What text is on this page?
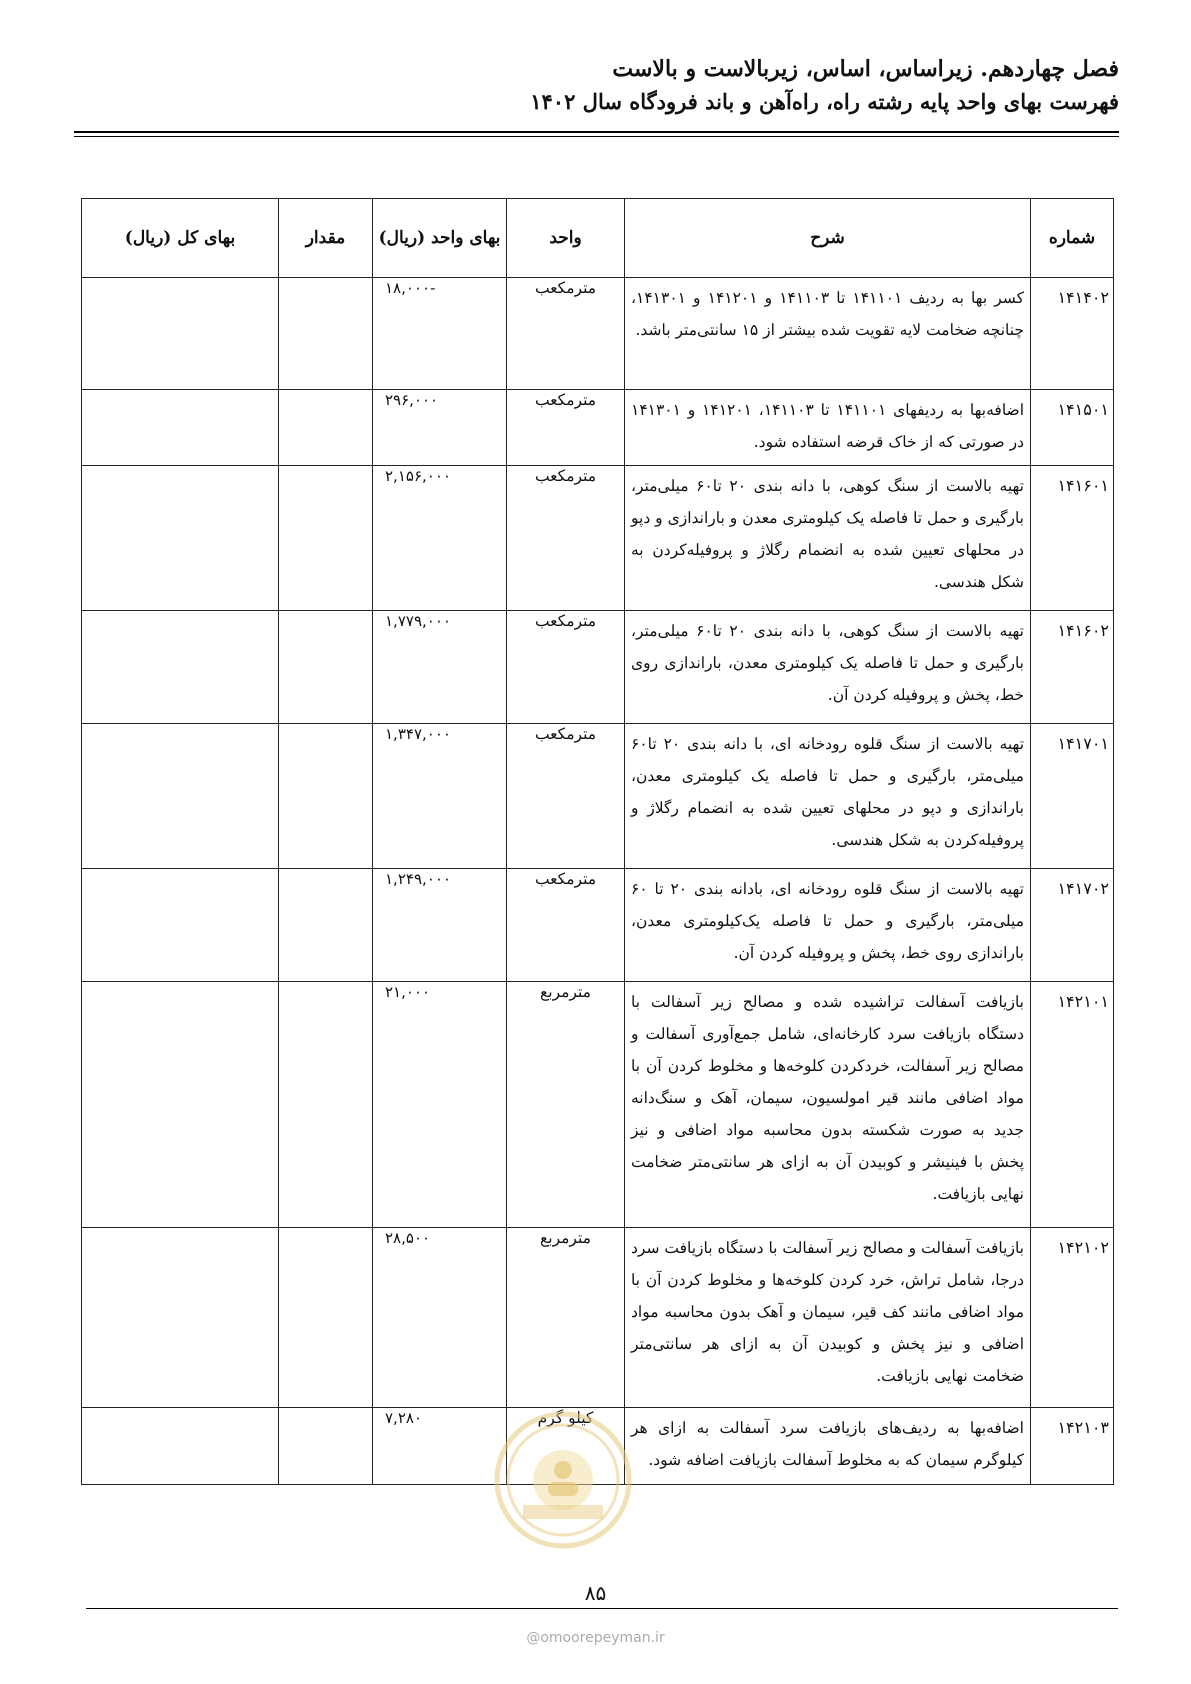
فصل چهاردهم. زیراساس، اساس، زیربالاست و بالاست
فهرست بهای واحد پایه رشته راه، راه‌آهن و باند فرودگاه سال ۱۴۰۲
شماره	شرح	واحد	بهای واحد (ریال)	مقدار	بهای کل (ریال)
۱۴۱۴۰۲	کسر بها به ردیف ۱۴۱۱۰۱ تا ۱۴۱۱۰۳ و ۱۴۱۲۰۱ و ۱۴۱۳۰۱، چنانچه ضخامت لایه تقویت شده بیشتر از ۱۵ سانتی‌متر باشد.	مترمکعب	-۱۸,۰۰۰		
۱۴۱۵۰۱	اضافه‌بها به ردیفهای ۱۴۱۱۰۱ تا ۱۴۱۱۰۳، ۱۴۱۲۰۱ و ۱۴۱۳۰۱ در صورتی که از خاک قرضه استفاده شود.	مترمکعب	۲۹۶,۰۰۰		
۱۴۱۶۰۱	تهیه بالاست از سنگ کوهی، با دانه بندی ۲۰ تا۶۰ میلی‌متر، بارگیری و حمل تا فاصله یک کیلومتری معدن و باراندازی و دپو در محلهای تعیین شده به انضمام رگلاژ و پروفیله‌کردن به شکل هندسی.	مترمکعب	۲,۱۵۶,۰۰۰		
۱۴۱۶۰۲	تهیه بالاست از سنگ کوهی، با دانه بندی ۲۰ تا۶۰ میلی‌متر، بارگیری و حمل تا فاصله یک کیلومتری معدن، باراندازی روی خط، پخش و پروفیله کردن آن.	مترمکعب	۱,۷۷۹,۰۰۰		
۱۴۱۷۰۱	تهیه بالاست از سنگ قلوه رودخانه ای، با دانه بندی ۲۰ تا۶۰ میلی‌متر، بارگیری و حمل تا فاصله یک کیلومتری معدن، باراندازی و دپو در محلهای تعیین شده به انضمام رگلاژ و پروفیله‌کردن به شکل هندسی.	مترمکعب	۱,۳۴۷,۰۰۰		
۱۴۱۷۰۲	تهیه بالاست از سنگ قلوه رودخانه ای، بادانه بندی ۲۰ تا ۶۰ میلی‌متر، بارگیری و حمل تا فاصله یک‌کیلومتری معدن، باراندازی روی خط، پخش و پروفیله کردن آن.	مترمکعب	۱,۲۴۹,۰۰۰		
۱۴۲۱۰۱	بازیافت آسفالت تراشیده شده و مصالح زیر آسفالت با دستگاه بازیافت سرد کارخانه‌ای، شامل جمع‌آوری آسفالت و مصالح زیر آسفالت، خردکردن کلوخه‌ها و مخلوط کردن آن با مواد اضافی مانند قیر امولسیون، سیمان، آهک و سنگ‌دانه جدید به صورت شکسته بدون محاسبه مواد اضافی و نیز پخش با فینیشر و کوبیدن آن به ازای هر سانتی‌متر ضخامت نهایی بازیافت.	مترمربع	۲۱,۰۰۰		
۱۴۲۱۰۲	بازیافت آسفالت و مصالح زیر آسفالت با دستگاه بازیافت سرد درجا، شامل تراش، خرد کردن کلوخه‌ها و مخلوط کردن آن با مواد اضافی مانند کف قیر، سیمان و آهک بدون محاسبه مواد اضافی و نیز پخش و کوبیدن آن به ازای هر سانتی‌متر ضخامت نهایی بازیافت.	مترمربع	۲۸,۵۰۰		
۱۴۲۱۰۳	اضافه‌بها به ردیف‌های بازیافت سرد آسفالت به ازای هر کیلوگرم سیمان که به مخلوط آسفالت بازیافت اضافه شود.	کیلو گرم	۷,۲۸۰		
۸۵
@omoorepeyman.ir
